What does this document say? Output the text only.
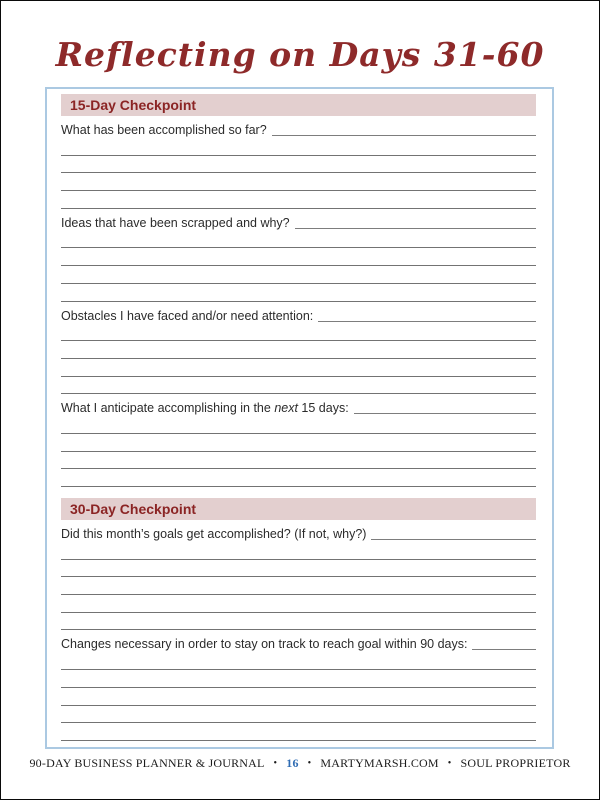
Reflecting on Days 31-60
15-Day Checkpoint
What has been accomplished so far?
Ideas that have been scrapped and why?
Obstacles I have faced and/or need attention:
What I anticipate accomplishing in the next 15 days:
30-Day Checkpoint
Did this month’s goals get accomplished? (If not, why?)
Changes necessary in order to stay on track to reach goal within 90 days:
90-DAY BUSINESS PLANNER & JOURNAL • 16 • MARTYMARSH.COM • SOUL PROPRIETOR
